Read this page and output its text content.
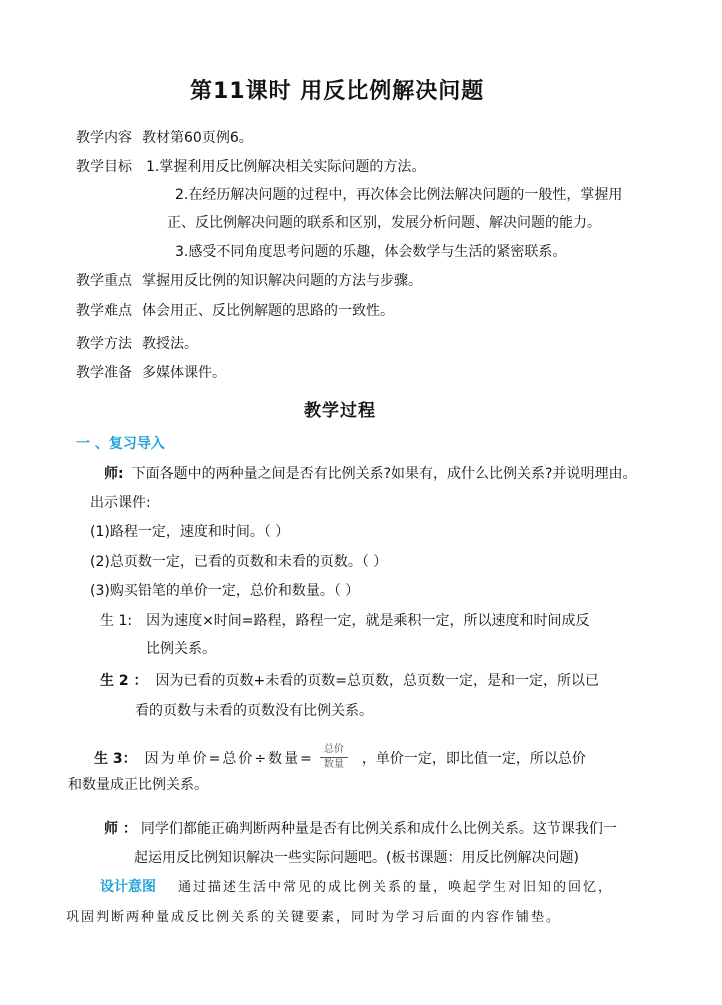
第11课时 用反比例解决问题
教学内容 教材第60页例6。
教学目标 1.掌握利用反比例解决相关实际问题的方法。
2.在经历解决问题的过程中，再次体会比例法解决问题的一般性，掌握用
正、反比例解决问题的联系和区别，发展分析问题、解决问题的能力。
3.感受不同角度思考问题的乐趣，体会数学与生活的紧密联系。
教学重点 掌握用反比例的知识解决问题的方法与步骤。
教学难点 体会用正、反比例解题的思路的一致性。
教学方法 教授法。
教学准备 多媒体课件。
教学过程
一 、复习导入
师: 下面各题中的两种量之间是否有比例关系?如果有，成什么比例关系?并说明理由。
出示课件:
(1)路程一定，速度和时间。（ ）
(2)总页数一定，已看的页数和未看的页数。（ ）
(3)购买铅笔的单价一定，总价和数量。（ ）
生 1: 因为速度×时间=路程，路程一定，就是乘积一定，所以速度和时间成反
比例关系。
生 2 ： 因为已看的页数+未看的页数=总页数，总页数一定，是和一定，所以已
看的页数与未看的页数没有比例关系。
生 3： 因为单价=总价÷数量= $\frac{\text{总价}}{\text{数量}}$ ，单价一定，即比值一定，所以总价
和数量成正比例关系。
师 ： 同学们都能正确判断两种量是否有比例关系和成什么比例关系。这节课我们一
起运用反比例知识解决一些实际问题吧。(板书课题：用反比例解决问题)
设计意图 通过描述生活中常见的成比例关系的量，唤起学生对旧知的回忆，
巩固判断两种量成反比例关系的关键要素，同时为学习后面的内容作铺垫。
